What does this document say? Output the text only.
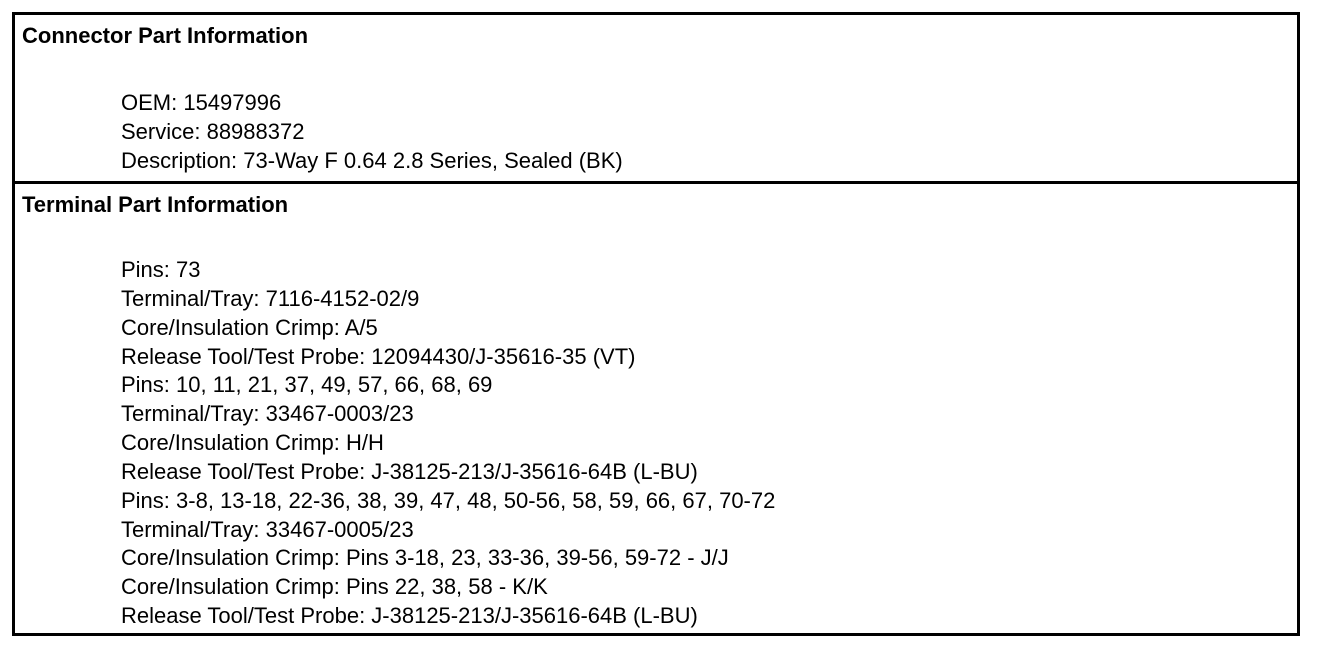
Connector Part Information
OEM: 15497996
Service: 88988372
Description: 73-Way F 0.64 2.8 Series, Sealed (BK)
Terminal Part Information
Pins: 73
Terminal/Tray: 7116-4152-02/9
Core/Insulation Crimp: A/5
Release Tool/Test Probe: 12094430/J-35616-35 (VT)
Pins: 10, 11, 21, 37, 49, 57, 66, 68, 69
Terminal/Tray: 33467-0003/23
Core/Insulation Crimp: H/H
Release Tool/Test Probe: J-38125-213/J-35616-64B (L-BU)
Pins: 3-8, 13-18, 22-36, 38, 39, 47, 48, 50-56, 58, 59, 66, 67, 70-72
Terminal/Tray: 33467-0005/23
Core/Insulation Crimp: Pins 3-18, 23, 33-36, 39-56, 59-72 - J/J
Core/Insulation Crimp: Pins 22, 38, 58 - K/K
Release Tool/Test Probe: J-38125-213/J-35616-64B (L-BU)
